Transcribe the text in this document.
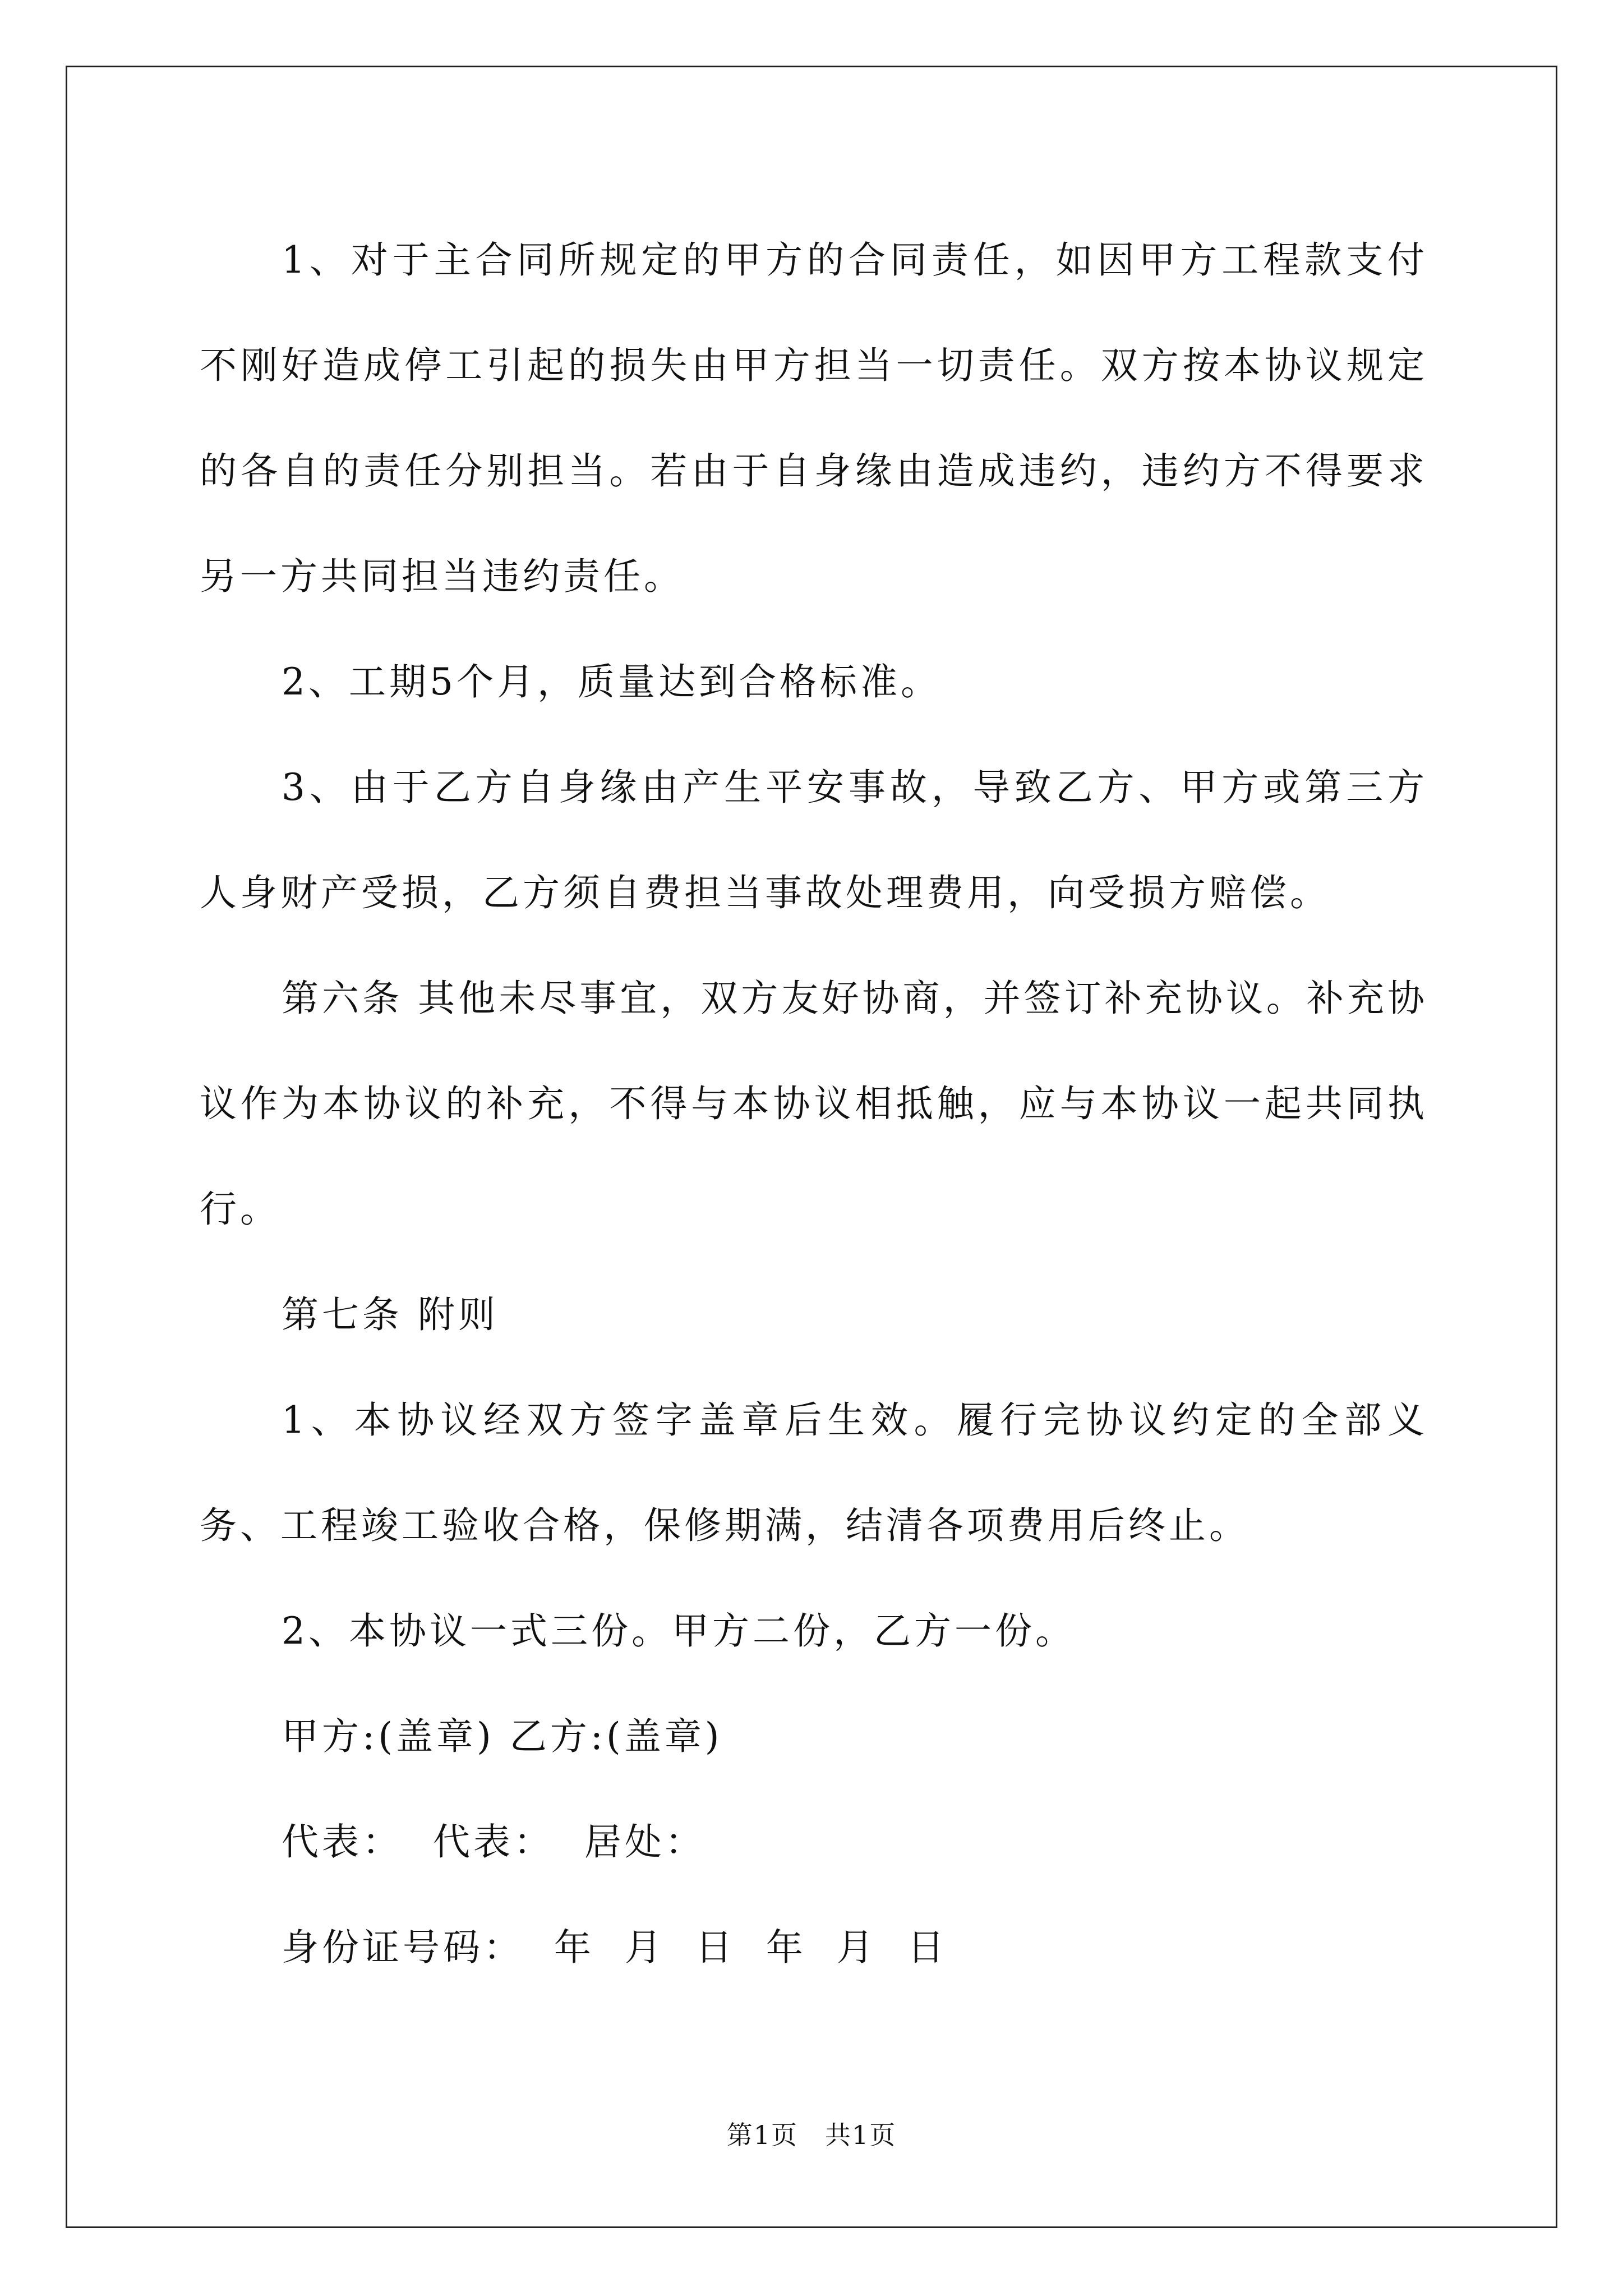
1、对于主合同所规定的甲方的合同责任，如因甲方工程款支付不刚好造成停工引起的损失由甲方担当一切责任。双方按本协议规定的各自的责任分别担当。若由于自身缘由造成违约，违约方不得要求另一方共同担当违约责任。

2、工期5个月，质量达到合格标准。

3、由于乙方自身缘由产生平安事故，导致乙方、甲方或第三方人身财产受损，乙方须自费担当事故处理费用，向受损方赔偿。

第六条 其他未尽事宜，双方友好协商，并签订补充协议。补充协议作为本协议的补充，不得与本协议相抵触，应与本协议一起共同执行。

第七条 附则

1、本协议经双方签字盖章后生效。履行完协议约定的全部义务、工程竣工验收合格，保修期满，结清各项费用后终止。

2、本协议一式三份。甲方二份，乙方一份。

甲方:(盖章) 乙方:(盖章)

代表：  代表：  居处：

身份证号码：  年  月  日  年  月  日

第1页　共1页
